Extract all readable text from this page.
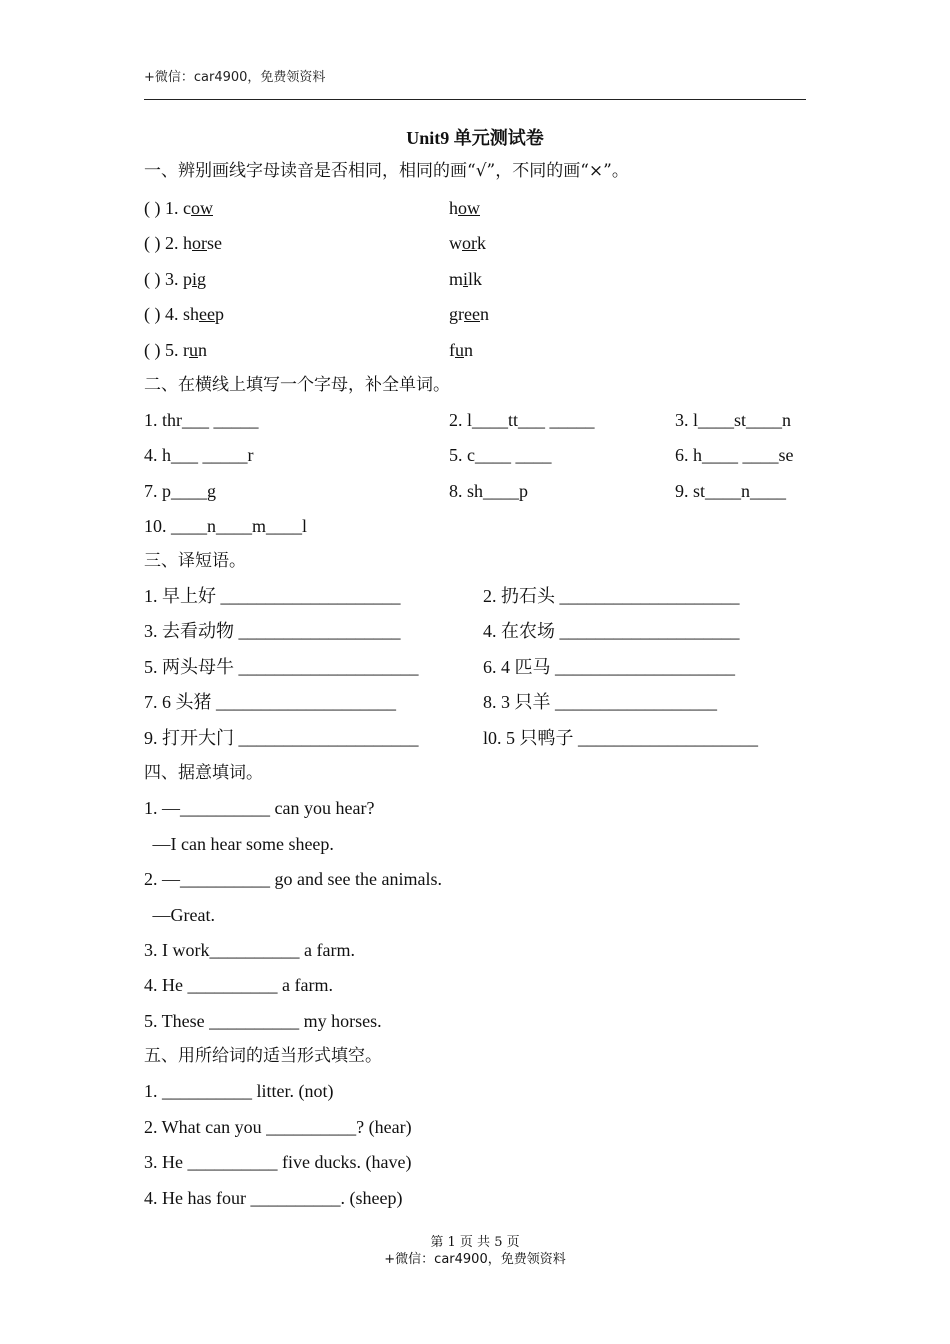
+微信：car4900，免费领资料
Unit9 单元测试卷
一、辨别画线字母读音是否相同，相同的画“√”，不同的画“×”。
( ) 1. cow	how
( ) 2. horse	work
( ) 3. pig	milk
( ) 4. sheep	green
( ) 5. run	fun
二、在横线上填写一个字母，补全单词。
1. thr___ _____	2. l____tt___ _____	3. l____st____n
4. h___ _____r	5. c____ ____	6. h____ ____se
7. p____g	8. sh____p	9. st____n____
10. ____n____m____l
三、译短语。
1. 早上好 ____________________	2. 扔石头 ____________________
3. 去看动物 __________________	4. 在农场 ____________________
5. 两头母牛 ____________________	6. 4 匹马 ____________________
7. 6 头猪 ____________________	8. 3 只羊 __________________
9. 打开大门 ____________________	l0. 5 只鸭子 ____________________
四、据意填词。
1. —__________ can you hear?
—I can hear some sheep.
2. —__________ go and see the animals.
—Great.
3. I work__________ a farm.
4. He __________ a farm.
5. These __________ my horses.
五、用所给词的适当形式填空。
1. __________ litter. (not)
2. What can you __________? (hear)
3. He __________ five ducks. (have)
4. He has four __________. (sheep)
第 1 页 共 5 页
+微信：car4900，免费领资料
